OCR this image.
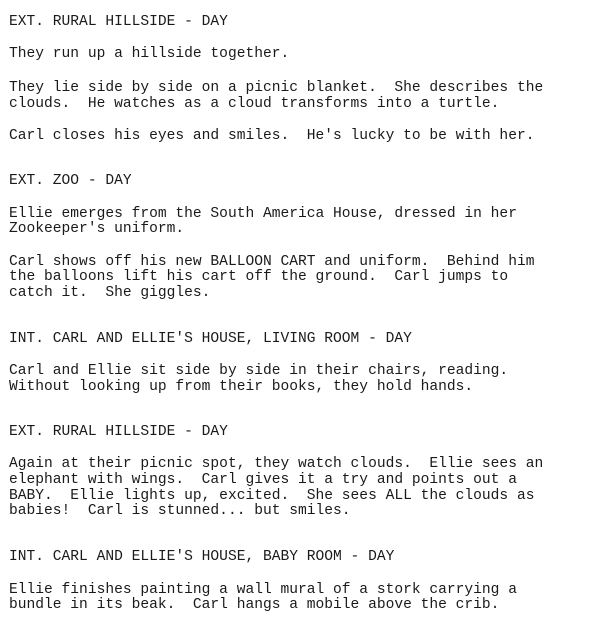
EXT. RURAL HILLSIDE - DAY
They run up a hillside together.
They lie side by side on a picnic blanket.  She describes the
clouds.  He watches as a cloud transforms into a turtle.
Carl closes his eyes and smiles.  He's lucky to be with her.
EXT. ZOO - DAY
Ellie emerges from the South America House, dressed in her
Zookeeper's uniform.
Carl shows off his new BALLOON CART and uniform.  Behind him
the balloons lift his cart off the ground.  Carl jumps to
catch it.  She giggles.
INT. CARL AND ELLIE'S HOUSE, LIVING ROOM - DAY
Carl and Ellie sit side by side in their chairs, reading.
Without looking up from their books, they hold hands.
EXT. RURAL HILLSIDE - DAY
Again at their picnic spot, they watch clouds.  Ellie sees an
elephant with wings.  Carl gives it a try and points out a
BABY.  Ellie lights up, excited.  She sees ALL the clouds as
babies!  Carl is stunned... but smiles.
INT. CARL AND ELLIE'S HOUSE, BABY ROOM - DAY
Ellie finishes painting a wall mural of a stork carrying a
bundle in its beak.  Carl hangs a mobile above the crib.
